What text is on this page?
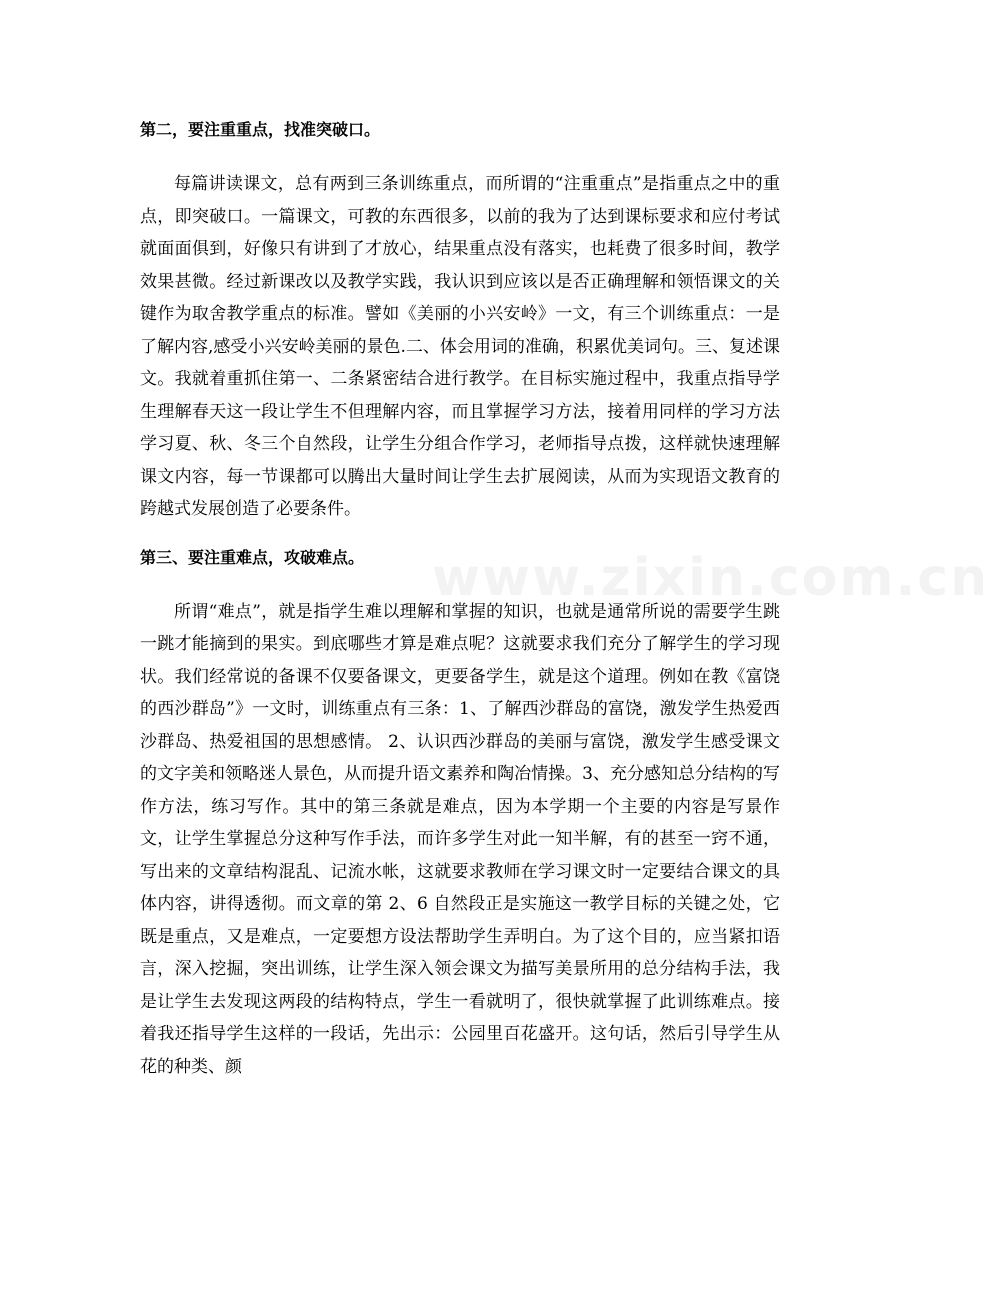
第二，要注重重点，找准突破口。

每篇讲读课文，总有两到三条训练重点，而所谓的“注重重点”是指重点之中的重点，即突破口。一篇课文，可教的东西很多，以前的我为了达到课标要求和应付考试就面面俱到，好像只有讲到了才放心，结果重点没有落实，也耗费了很多时间，教学效果甚微。经过新课改以及教学实践，我认识到应该以是否正确理解和领悟课文的关键作为取舍教学重点的标准。譬如《美丽的小兴安岭》一文，有三个训练重点：一是了解内容,感受小兴安岭美丽的景色.二、体会用词的准确，积累优美词句。三、复述课文。我就着重抓住第一、二条紧密结合进行教学。在目标实施过程中，我重点指导学生理解春天这一段让学生不但理解内容，而且掌握学习方法，接着用同样的学习方法学习夏、秋、冬三个自然段，让学生分组合作学习，老师指导点拨，这样就快速理解课文内容，每一节课都可以腾出大量时间让学生去扩展阅读，从而为实现语文教育的跨越式发展创造了必要条件。

第三、要注重难点，攻破难点。

所谓“难点”，就是指学生难以理解和掌握的知识，也就是通常所说的需要学生跳一跳才能摘到的果实。到底哪些才算是难点呢？这就要求我们充分了解学生的学习现状。我们经常说的备课不仅要备课文，更要备学生，就是这个道理。例如在教《富饶的西沙群岛”》一文时，训练重点有三条：1、了解西沙群岛的富饶，激发学生热爱西沙群岛、热爱祖国的思想感情。 2、认识西沙群岛的美丽与富饶，激发学生感受课文的文字美和领略迷人景色，从而提升语文素养和陶冶情操。3、充分感知总分结构的写作方法，练习写作。其中的第三条就是难点，因为本学期一个主要的内容是写景作文，让学生掌握总分这种写作手法，而许多学生对此一知半解，有的甚至一窍不通，写出来的文章结构混乱、记流水帐，这就要求教师在学习课文时一定要结合课文的具体内容，讲得透彻。而文章的第 2、6 自然段正是实施这一教学目标的关键之处，它既是重点，又是难点，一定要想方设法帮助学生弄明白。为了这个目的，应当紧扣语言，深入挖掘，突出训练，让学生深入领会课文为描写美景所用的总分结构手法，我是让学生去发现这两段的结构特点，学生一看就明了，很快就掌握了此训练难点。接着我还指导学生这样的一段话，先出示：公园里百花盛开。这句话，然后引导学生从花的种类、颜

www.zixin.com.cn
